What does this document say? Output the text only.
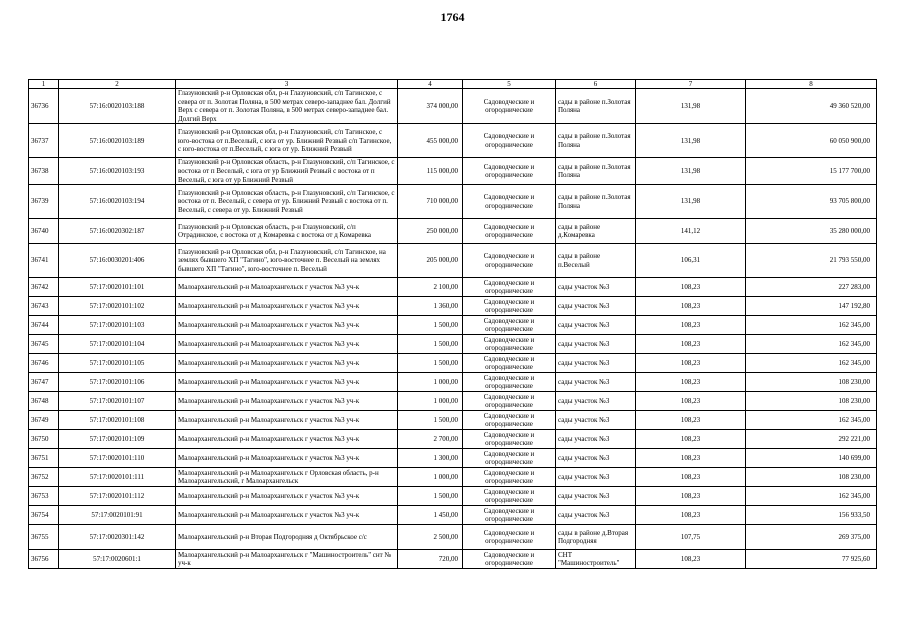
1764
1	2	3	4	5	6	7	8
36736	57:16:0020103:188	Глазуновский р-н Орловская обл, р-н Глазуновский, с/п Тагинское, с севера от п. Золотая Поляна, в 500 метрах северо-западнее бал. Долгий Верх с севера от п. Золотая Поляна, в 500 метрах северо-западнее бал. Долгий Верх	374 000,00	Садоводческие и огороднические	сады в районе п.Золотая Поляна	131,98	49 360 520,00
36737	57:16:0020103:189	Глазуновский р-н Орловская обл, р-н Глазуновский, с/п Тагинское, с юго-востока от п.Веселый, с юга от ур. Ближний Резвый с/п Тагинское, с юго-востока от п.Веселый, с юга от ур. Ближний Резвый	455 000,00	Садоводческие и огороднические	сады в районе п.Золотая Поляна	131,98	60 050 900,00
36738	57:16:0020103:193	Глазуновский р-н Орловская область, р-н Глазуновский, с/п Тагинское, с востока от п Веселый, с юга от ур Ближний Резвый с востока от п Веселый, с юга от ур Ближний Резвый	115 000,00	Садоводческие и огороднические	сады в районе п.Золотая Поляна	131,98	15 177 700,00
36739	57:16:0020103:194	Глазуновский р-н Орловская область, р-н Глазуновский, с/п Тагинское, с востока от п. Веселый, с севера от ур. Ближний Резвый с востока от п. Веселый, с севера от ур. Ближний Резвый	710 000,00	Садоводческие и огороднические	сады в районе п.Золотая Поляна	131,98	93 705 800,00
36740	57:16:0020302:187	Глазуновский р-н Орловская область, р-н Глазуновский, с/п Отрадинское, с востока от д Комаревка с востока от д Комаревка	250 000,00	Садоводческие и огороднические	сады в районе д.Комаревка	141,12	35 280 000,00
36741	57:16:0030201:406	Глазуновский р-н Орловская обл, р-н Глазуновский, с/п Тагинское, на землях бывшего ХП "Тагино", юго-восточнее п. Веселый на землях бывшего ХП "Тагино", юго-восточнее п. Веселый	205 000,00	Садоводческие и огороднические	сады в районе п.Веселый	106,31	21 793 550,00
36742	57:17:0020101:101	Малоархангельский р-н Малоархангельск г участок №3 уч-к	2 100,00	Садоводческие и огороднические	сады участок №3	108,23	227 283,00
36743	57:17:0020101:102	Малоархангельский р-н Малоархангельск г участок №3 уч-к	1 360,00	Садоводческие и огороднические	сады участок №3	108,23	147 192,80
36744	57:17:0020101:103	Малоархангельский р-н Малоархангельск г участок №3 уч-к	1 500,00	Садоводческие и огороднические	сады участок №3	108,23	162 345,00
36745	57:17:0020101:104	Малоархангельский р-н Малоархангельск г участок №3 уч-к	1 500,00	Садоводческие и огороднические	сады участок №3	108,23	162 345,00
36746	57:17:0020101:105	Малоархангельский р-н Малоархангельск г участок №3 уч-к	1 500,00	Садоводческие и огороднические	сады участок №3	108,23	162 345,00
36747	57:17:0020101:106	Малоархангельский р-н Малоархангельск г участок №3 уч-к	1 000,00	Садоводческие и огороднические	сады участок №3	108,23	108 230,00
36748	57:17:0020101:107	Малоархангельский р-н Малоархангельск г участок №3 уч-к	1 000,00	Садоводческие и огороднические	сады участок №3	108,23	108 230,00
36749	57:17:0020101:108	Малоархангельский р-н Малоархангельск г участок №3 уч-к	1 500,00	Садоводческие и огороднические	сады участок №3	108,23	162 345,00
36750	57:17:0020101:109	Малоархангельский р-н Малоархангельск г участок №3 уч-к	2 700,00	Садоводческие и огороднические	сады участок №3	108,23	292 221,00
36751	57:17:0020101:110	Малоархангельский р-н Малоархангельск г участок №3 уч-к	1 300,00	Садоводческие и огороднические	сады участок №3	108,23	140 699,00
36752	57:17:0020101:111	Малоархангельский р-н Малоархангельск г Орловская область, р-н Малоархангельский, г Малоархангельск	1 000,00	Садоводческие и огороднические	сады участок №3	108,23	108 230,00
36753	57:17:0020101:112	Малоархангельский р-н Малоархангельск г участок №3 уч-к	1 500,00	Садоводческие и огороднические	сады участок №3	108,23	162 345,00
36754	57:17:0020101:91	Малоархангельский р-н Малоархангельск г участок №3 уч-к	1 450,00	Садоводческие и огороднические	сады участок №3	108,23	156 933,50
36755	57:17:0020301:142	Малоархангельский р-н Вторая Подгородняя д Октябрьское с/с	2 500,00	Садоводческие и огороднические	сады в районе д.Вторая Подгородняя	107,75	269 375,00
36756	57:17:0020601:1	Малоархангельский р-н Малоархангельск г "Машиностроитель" снт № уч-к	720,00	Садоводческие и огороднические	СНТ "Машиностроитель"	108,23	77 925,60
